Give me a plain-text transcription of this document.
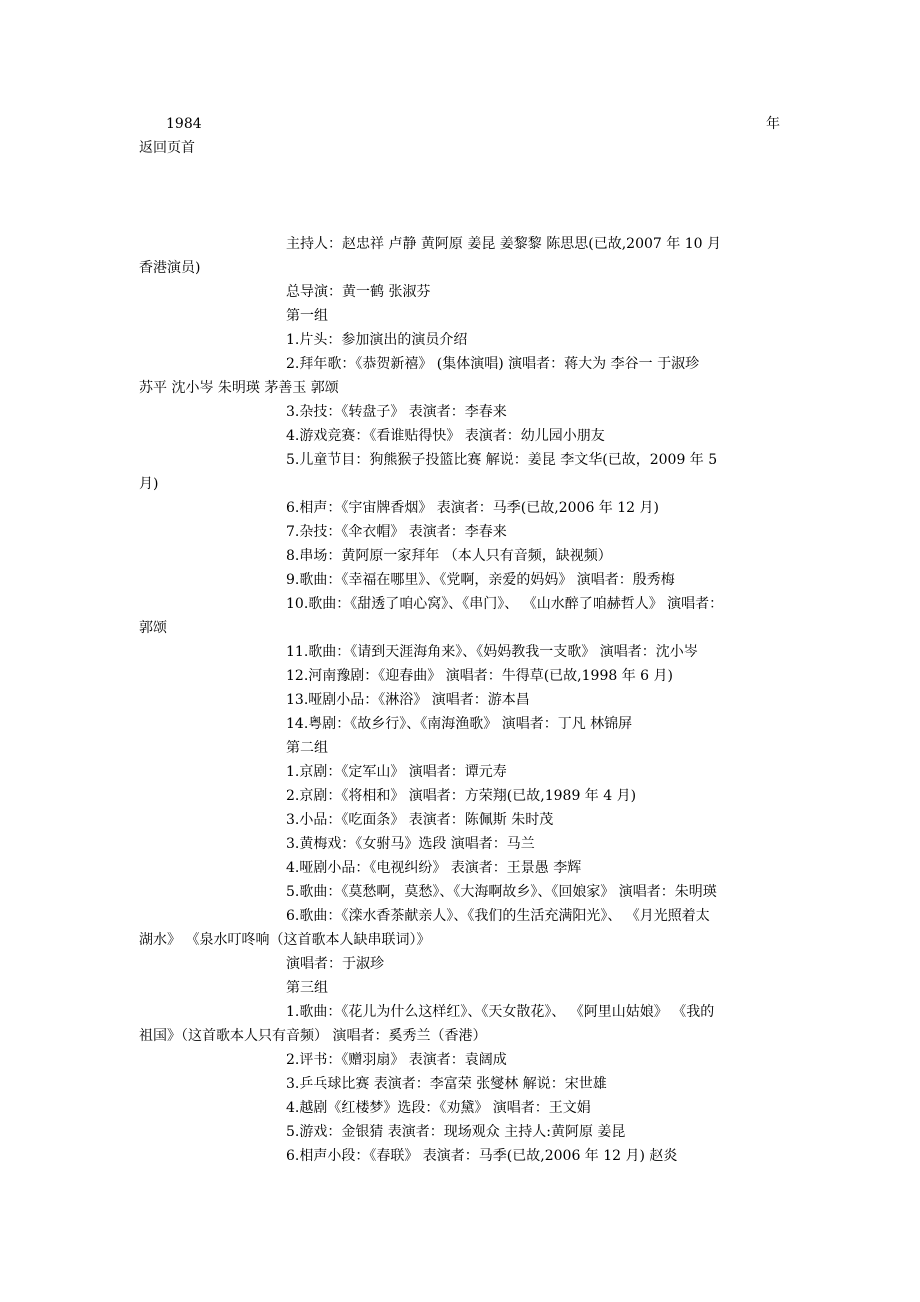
1984	年
返回页首
主持人：赵忠祥 卢静 黄阿原 姜昆 姜黎黎 陈思思(已故,2007 年 10 月
香港演员)
总导演：黄一鹤 张淑芬
第一组
1.片头：参加演出的演员介绍
2.拜年歌：《恭贺新禧》 (集体演唱) 演唱者：蒋大为 李谷一 于淑珍
苏平 沈小岑 朱明瑛 茅善玉 郭颂
3.杂技：《转盘子》 表演者：李春来
4.游戏竞赛：《看谁贴得快》 表演者：幼儿园小朋友
5.儿童节目：狗熊猴子投篮比赛 解说：姜昆 李文华(已故，2009 年 5
月)
6.相声：《宇宙牌香烟》 表演者：马季(已故,2006 年 12 月)
7.杂技：《伞衣帽》 表演者：李春来
8.串场：黄阿原一家拜年 （本人只有音频，缺视频）
9.歌曲：《幸福在哪里》、《党啊，亲爱的妈妈》 演唱者：殷秀梅
10.歌曲：《甜透了咱心窝》、《串门》、 《山水醉了咱赫哲人》 演唱者：
郭颂
11.歌曲：《请到天涯海角来》、《妈妈教我一支歌》 演唱者：沈小岑
12.河南豫剧：《迎春曲》 演唱者：牛得草(已故,1998 年 6 月)
13.哑剧小品：《淋浴》 演唱者：游本昌
14.粤剧：《故乡行》、《南海渔歌》 演唱者：丁凡 林锦屏
第二组
1.京剧：《定军山》 演唱者：谭元寿
2.京剧：《将相和》 演唱者：方荣翔(已故,1989 年 4 月)
3.小品：《吃面条》 表演者：陈佩斯 朱时茂
3.黄梅戏：《女驸马》选段 演唱者：马兰
4.哑剧小品：《电视纠纷》 表演者：王景愚 李辉
5.歌曲：《莫愁啊，莫愁》、《大海啊故乡》、《回娘家》 演唱者：朱明瑛
6.歌曲：《滦水香茶献亲人》、《我们的生活充满阳光》、 《月光照着太
湖水》 《泉水叮咚响（这首歌本人缺串联词）》
演唱者：于淑珍
第三组
1.歌曲：《花儿为什么这样红》、《天女散花》、 《阿里山姑娘》 《我的
祖国》（这首歌本人只有音频） 演唱者：奚秀兰（香港）
2.评书：《赠羽扇》 表演者：袁阔成
3.乒乓球比赛 表演者：李富荣 张燮林 解说：宋世雄
4.越剧《红楼梦》选段：《劝黛》 演唱者：王文娟
5.游戏：金银猜 表演者：现场观众 主持人:黄阿原 姜昆
6.相声小段：《春联》 表演者：马季(已故,2006 年 12 月) 赵炎
